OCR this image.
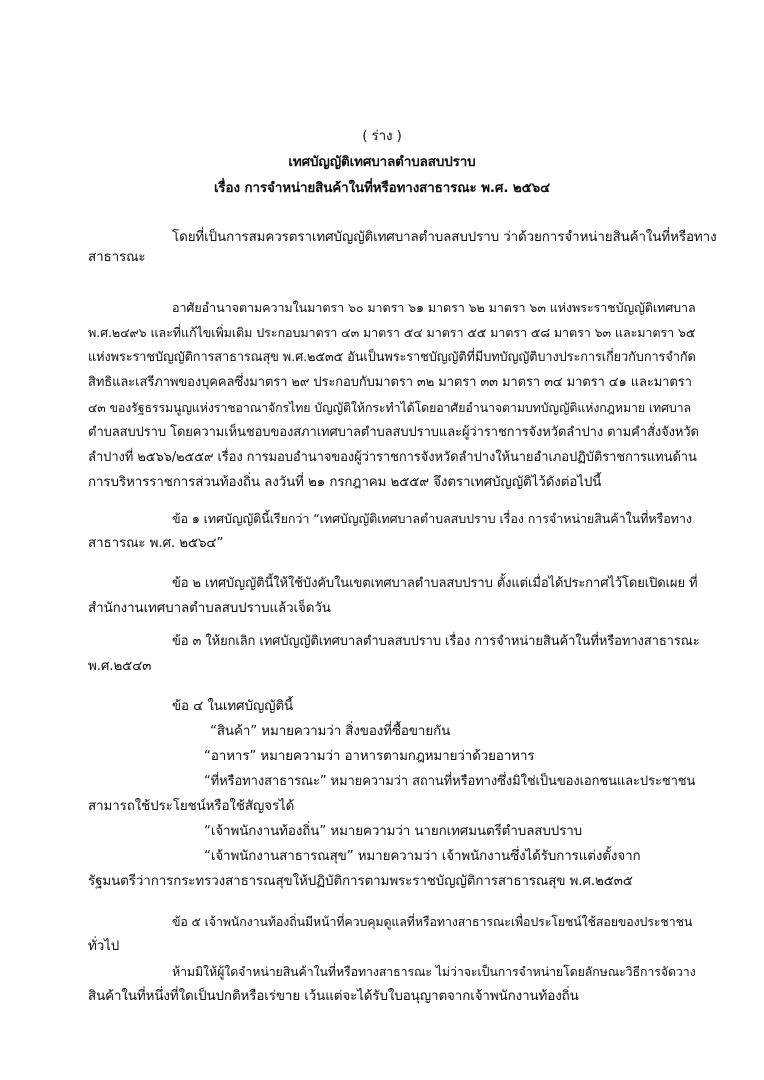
( ร่าง )
เทศบัญญัติเทศบาลตำบลสบปราบ
เรื่อง การจำหน่ายสินค้าในที่หรือทางสาธารณะ พ.ศ. ๒๕๖๔
โดยที่เป็นการสมควรตราเทศบัญญัติเทศบาลตำบลสบปราบ ว่าด้วยการจำหน่ายสินค้าในที่หรือ ทาง
สาธารณะ
อาศัยอำนาจตามความในมาตรา ๖๐ มาตรา ๖๑ มาตรา ๖๒ มาตรา ๖๓ แห่งพระราชบัญญัติเทศบาล
พ.ศ.๒๔๙๖ และที่แก้ไขเพิ่มเติม ประกอบมาตรา ๔๓ มาตรา ๕๔ มาตรา ๕๕ มาตรา ๕๘ มาตรา ๖๓ และมาตรา ๖๕
แห่งพระราชบัญญัติการสาธารณสุข พ.ศ.๒๕๓๕ อันเป็นพระราชบัญญัติที่มีบทบัญญัติบางประการเกี่ยวกับการจำกัด
สิทธิและเสรีภาพของบุคคลซึ่งมาตรา ๒๙ ประกอบกับมาตรา ๓๒ มาตรา ๓๓ มาตรา ๓๔ มาตรา ๔๑ และมาตรา
๔๓ ของรัฐธรรมนูญแห่งราชอาณาจักรไทย บัญญัติให้กระทำได้โดยอาศัยอำนาจตามบทบัญญัติแห่งกฎหมาย เทศบาล
ตำบลสบปราบ โดยความเห็นชอบของสภาเทศบาลตำบลสบปราบและผู้ว่าราชการจังหวัดลำปาง ตามคำสั่งจังหวัด
ลำปางที่ ๒๕๖๖/๒๕๕๙ เรื่อง การมอบอำนาจของผู้ว่าราชการจังหวัดลำปางให้นายอำเภอปฏิบัติราชการแทนด้าน
การบริหารราชการส่วนท้องถิ่น ลงวันที่ ๒๑ กรกฎาคม ๒๕๕๙ จึงตราเทศบัญญัติไว้ดังต่อไปนี้
ข้อ ๑ เทศบัญญัตินี้เรียกว่า “เทศบัญญัติเทศบาลตำบลสบปราบ เรื่อง การจำหน่ายสินค้าในที่หรือทาง
สาธารณะ พ.ศ. ๒๕๖๔”
ข้อ ๒ เทศบัญญัตินี้ให้ใช้บังคับในเขตเทศบาลตำบลสบปราบ ตั้งแต่เมื่อได้ประกาศไว้โดยเปิดเผย ที่
สำนักงานเทศบาลตำบลสบปราบแล้วเจ็ดวัน
ข้อ ๓ ให้ยกเลิก เทศบัญญัติเทศบาลตำบลสบปราบ เรื่อง การจำหน่ายสินค้าในที่หรือทางสาธารณะ
พ.ศ.๒๕๔๓
ข้อ ๔ ในเทศบัญญัตินี้
“สินค้า” หมายความว่า สิ่งของที่ซื้อขายกัน
“อาหาร” หมายความว่า อาหารตามกฎหมายว่าด้วยอาหาร
“ที่หรือทางสาธารณะ” หมายความว่า สถานที่หรือทางซึ่งมิใช่เป็นของเอกชนและประชาชน
สามารถใช้ประโยชน์หรือใช้สัญจรได้
“เจ้าพนักงานท้องถิ่น” หมายความว่า นายกเทศมนตรีตำบลสบปราบ
“เจ้าพนักงานสาธารณสุข” หมายความว่า เจ้าพนักงานซึ่งได้รับการแต่งตั้งจาก
รัฐมนตรีว่าการกระทรวงสาธารณสุขให้ปฏิบัติการตามพระราชบัญญัติการสาธารณสุข พ.ศ.๒๕๓๕
ข้อ ๕ เจ้าพนักงานท้องถิ่นมีหน้าที่ควบคุมดูแลที่หรือทางสาธารณะเพื่อประโยชน์ใช้สอยของประชาชน
ทั่วไป
ห้ามมิให้ผู้ใดจำหน่ายสินค้าในที่หรือทางสาธารณะ ไม่ว่าจะเป็นการจำหน่ายโดยลักษณะวิธีการจัดวาง
สินค้าในที่หนึ่งที่ใดเป็นปกติหรือเร่ขาย เว้นแต่จะได้รับใบอนุญาตจากเจ้าพนักงานท้องถิ่น
